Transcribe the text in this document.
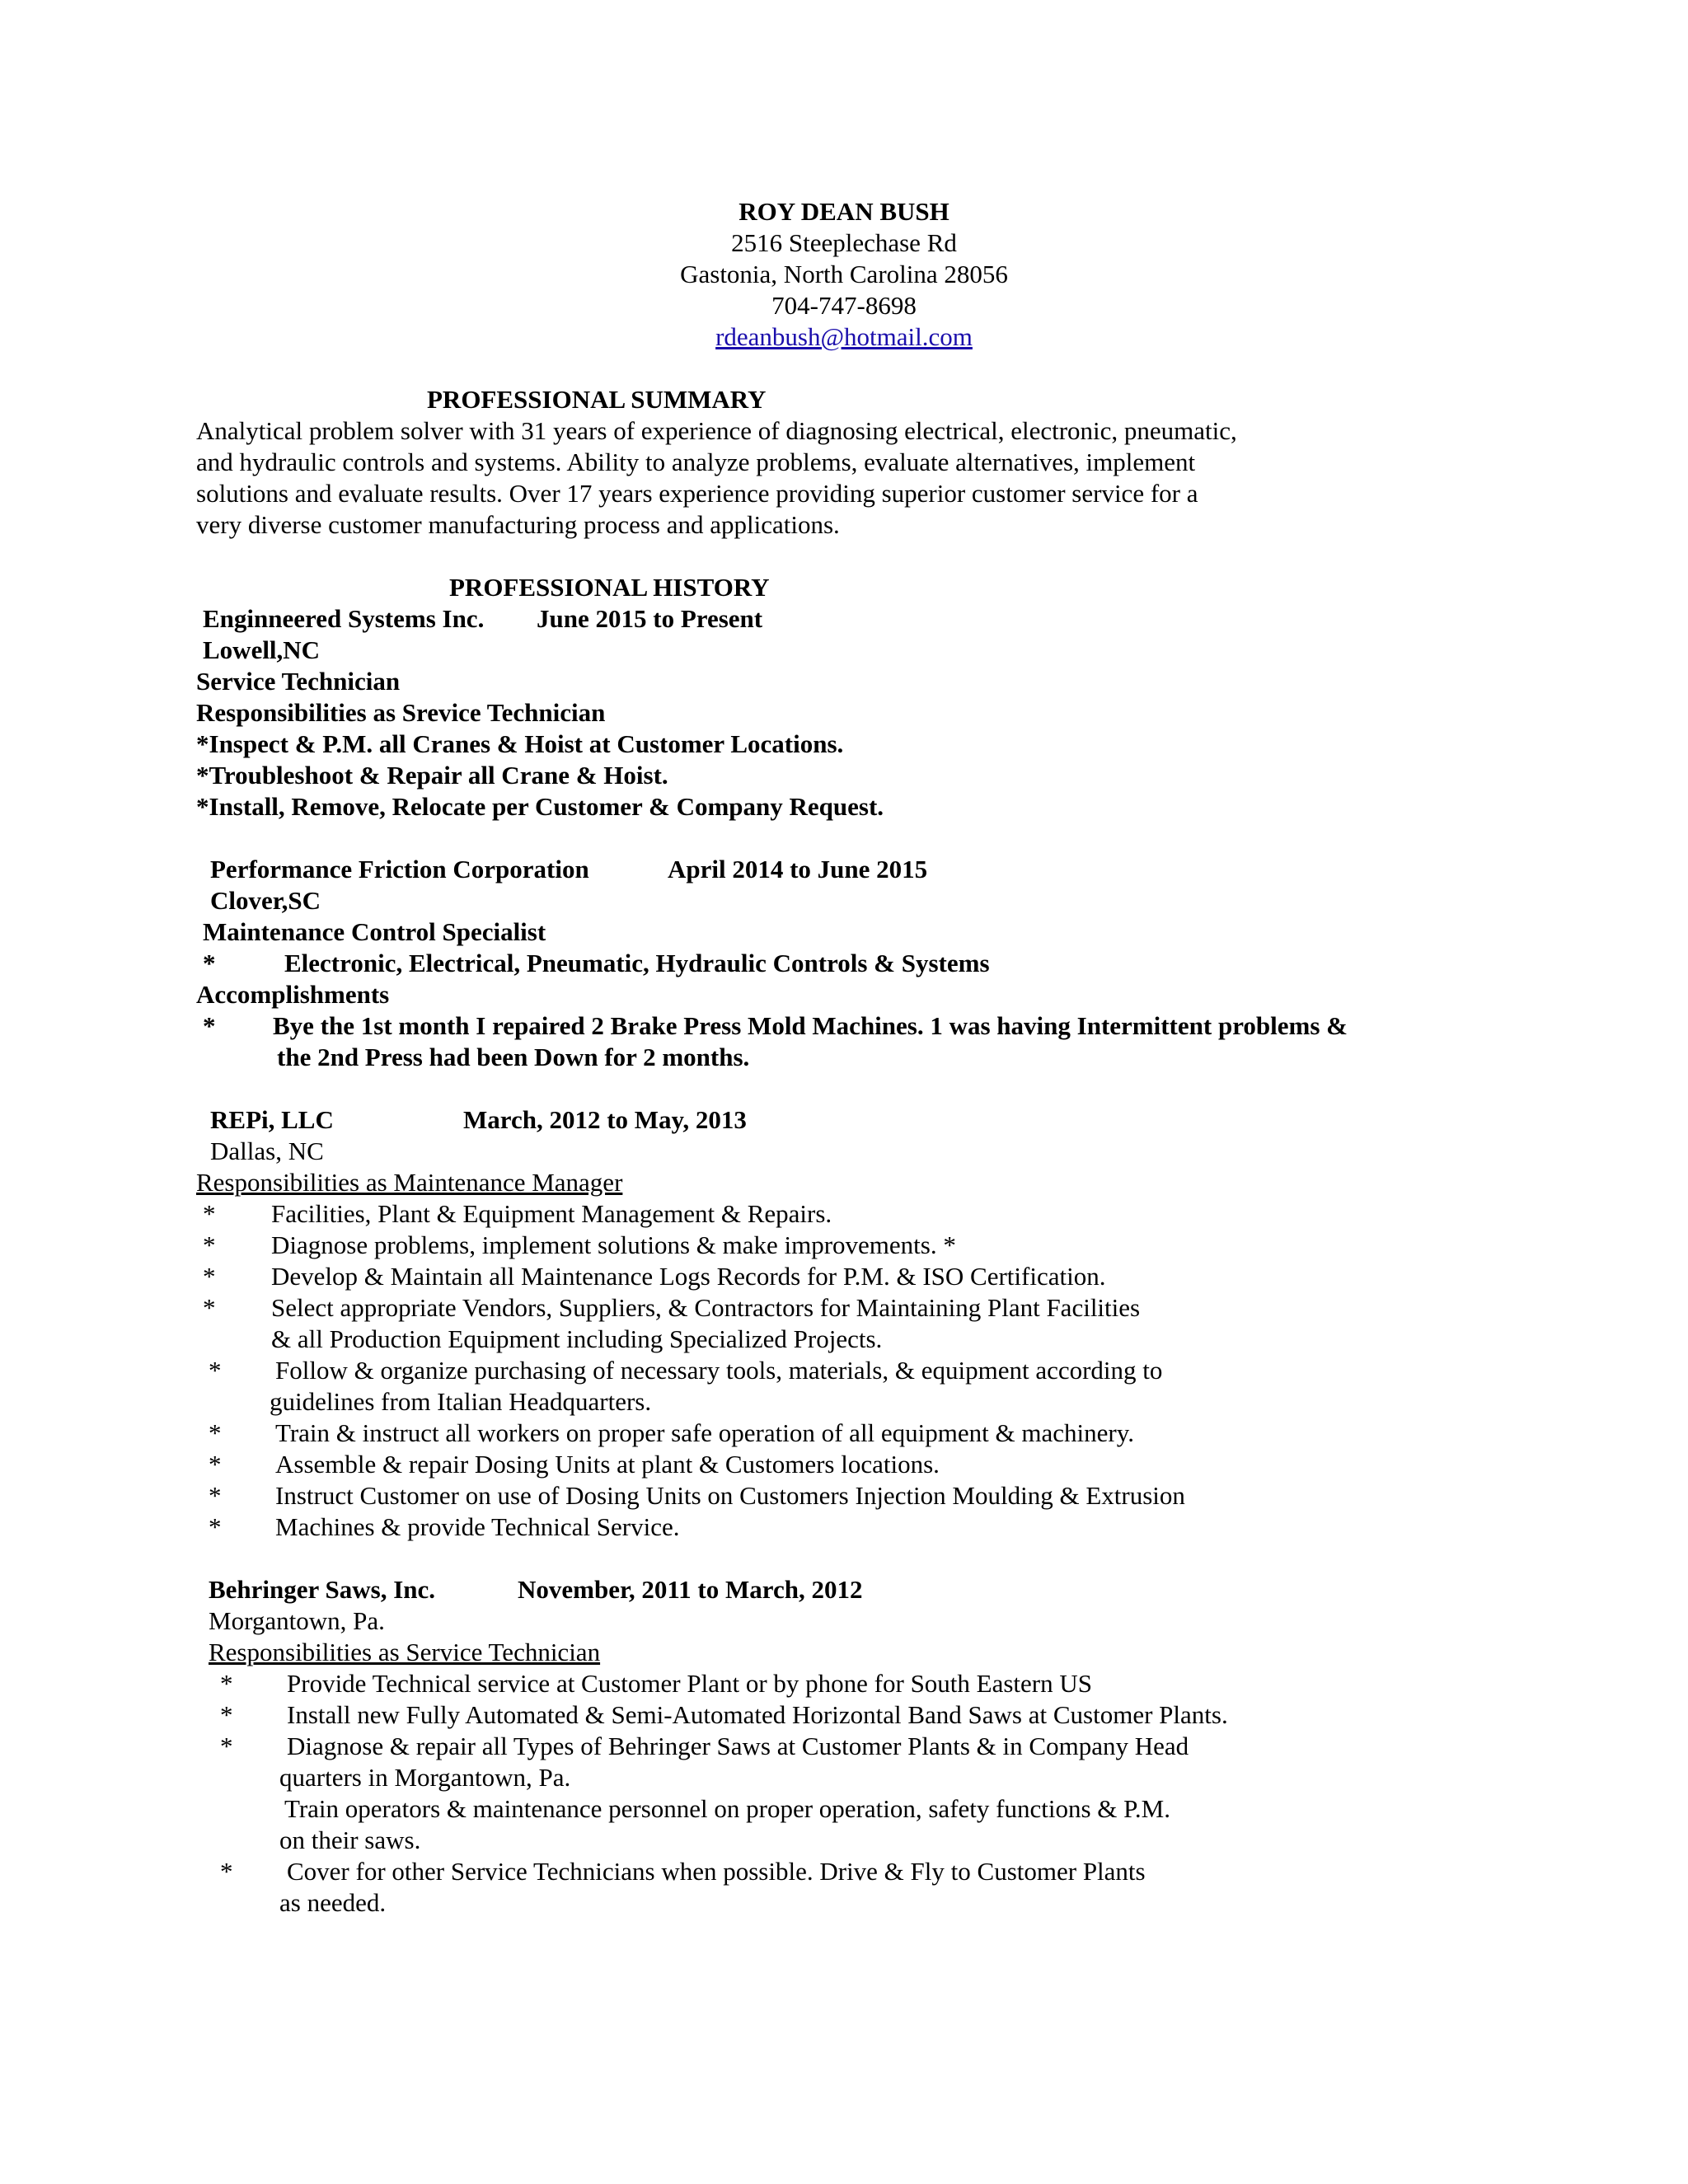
ROY DEAN BUSH

2516 Steeplechase Rd

Gastonia, North Carolina 28056

704-747-8698

rdeanbush@hotmail.com

PROFESSIONAL SUMMARY

Analytical problem solver with 31 years of experience of diagnosing electrical, electronic, pneumatic,

and hydraulic controls and systems. Ability to analyze problems, evaluate alternatives, implement

solutions and evaluate results. Over 17 years experience providing superior customer service for a

very diverse customer manufacturing process and applications.

PROFESSIONAL HISTORY

Enginneered Systems Inc. June 2015 to Present

Lowell,NC

Service Technician

Responsibilities as Srevice Technician

*Inspect & P.M. all Cranes & Hoist at Customer Locations.

*Troubleshoot & Repair all Crane & Hoist.

*Install, Remove, Relocate per Customer & Company Request.

Performance Friction Corporation	April 2014 to June 2015

Clover,SC

Maintenance Control Specialist

*	Electronic, Electrical, Pneumatic, Hydraulic Controls & Systems

Accomplishments

* Bye the 1st month I repaired 2 Brake Press Mold Machines. 1 was having Intermittent problems &

the 2nd Press had been Down for 2 months.

REPi, LLC	March, 2012 to May, 2013

Dallas, NC

Responsibilities as Maintenance Manager

* Facilities, Plant & Equipment Management & Repairs.

* Diagnose problems, implement solutions & make improvements. *

* Develop & Maintain all Maintenance Logs Records for P.M. & ISO Certification.

* Select appropriate Vendors, Suppliers, & Contractors for Maintaining Plant Facilities

& all Production Equipment including Specialized Projects.

* Follow & organize purchasing of necessary tools, materials, & equipment according to

guidelines from Italian Headquarters.

* Train & instruct all workers on proper safe operation of all equipment & machinery.

* Assemble & repair Dosing Units at plant & Customers locations.

* Instruct Customer on use of Dosing Units on Customers Injection Moulding & Extrusion

* Machines & provide Technical Service.

Behringer Saws, Inc.	November, 2011 to March, 2012

Morgantown, Pa.

Responsibilities as Service Technician

* Provide Technical service at Customer Plant or by phone for South Eastern US

* Install new Fully Automated & Semi-Automated Horizontal Band Saws at Customer Plants.

* Diagnose & repair all Types of Behringer Saws at Customer Plants & in Company Head

quarters in Morgantown, Pa.

Train operators & maintenance personnel on proper operation, safety functions & P.M.

on their saws.

* Cover for other Service Technicians when possible. Drive & Fly to Customer Plants

as needed.
